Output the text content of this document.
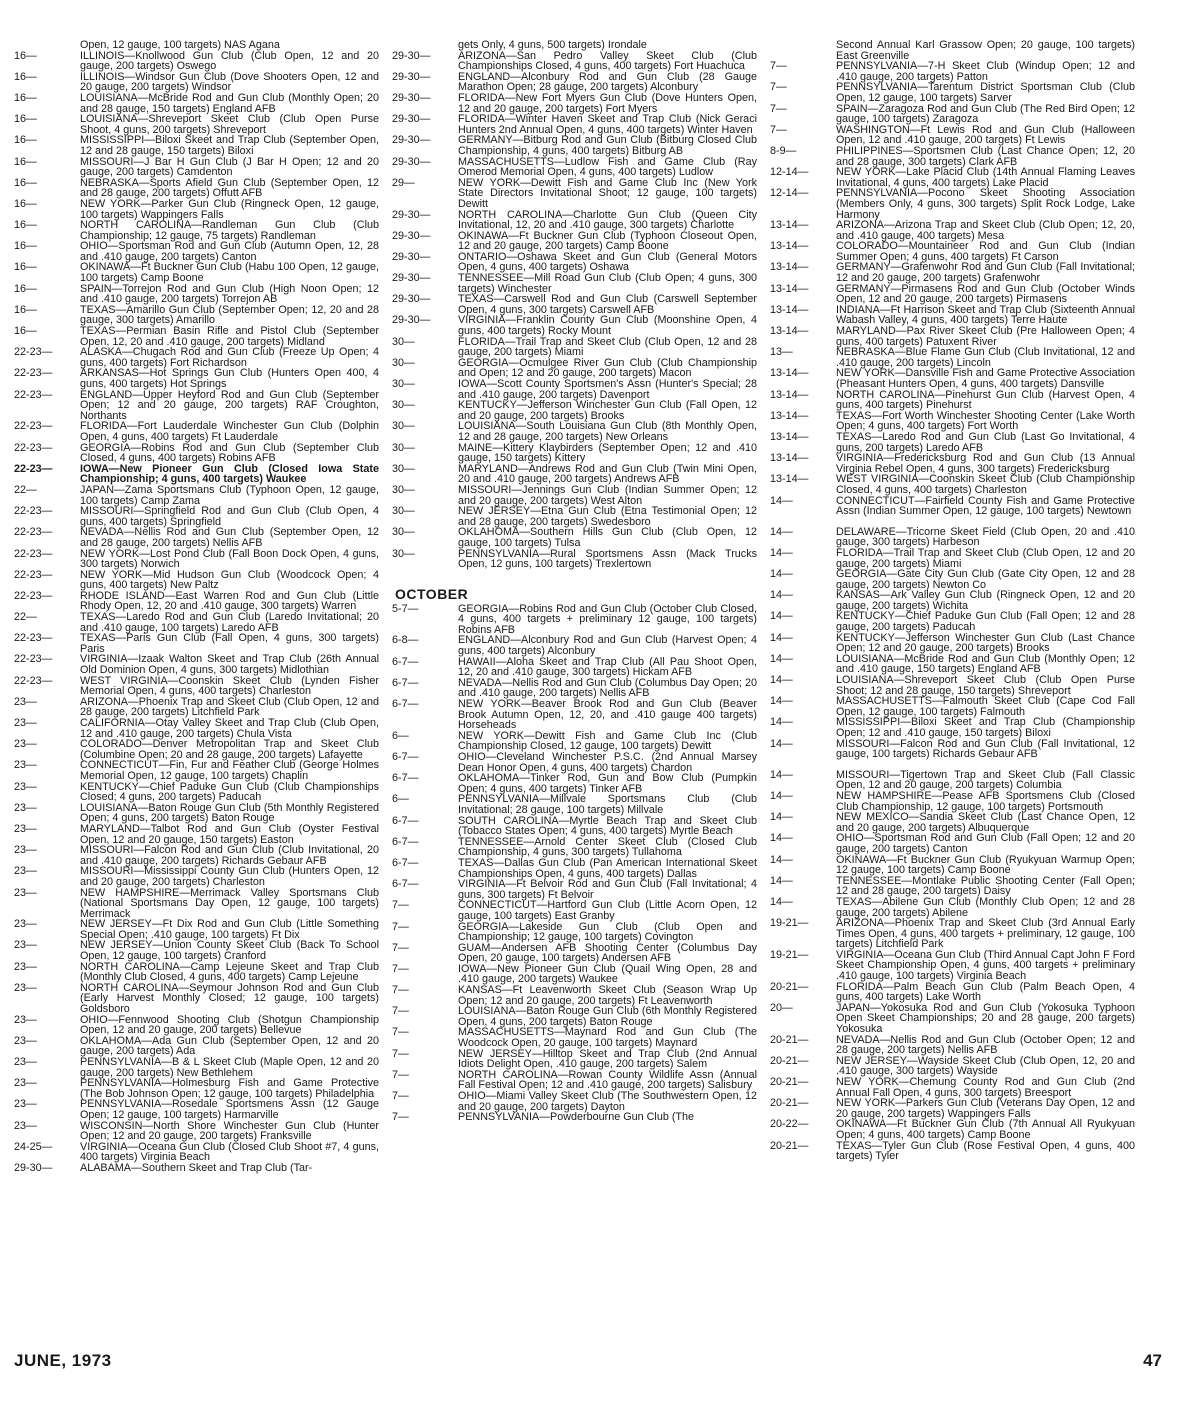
Open, 12 gauge, 100 targets) NAS Agana

16—	ILLINOIS—Knollwood Gun Club (Club Open, 12 and 20 gauge, 200 targets) Oswego

16—	ILLINOIS—Windsor Gun Club (Dove Shooters Open, 12 and 20 gauge, 200 targets) Windsor

16—	LOUISIANA—McBride Rod and Gun Club (Monthly Open; 20 and 28 gauge, 150 targets) England AFB

16—	LOUISIANA—Shreveport Skeet Club (Club Open Purse Shoot, 4 guns, 200 targets) Shreveport

16—	MISSISSIPPI—Biloxi Skeet and Trap Club (September Open, 12 and 28 gauge, 150 targets) Biloxi

16—	MISSOURI—J Bar H Gun Club (J Bar H Open; 12 and 20 gauge, 200 targets) Camdenton

16—	NEBRASKA—Sports Afield Gun Club (September Open, 12 and 28 gauge, 200 targets) Offutt AFB

16—	NEW YORK—Parker Gun Club (Ringneck Open, 12 gauge, 100 targets) Wappingers Falls

16—	NORTH CAROLINA—Randleman Gun Club (Club Championship; 12 gauge, 75 targets) Randleman

16—	OHIO—Sportsman Rod and Gun Club (Autumn Open, 12, 28 and .410 gauge, 200 targets) Canton

16—	OKINAWA—Ft Buckner Gun Club (Habu 100 Open, 12 gauge, 100 targets) Camp Boone

16—	SPAIN—Torrejon Rod and Gun Club (High Noon Open; 12 and .410 gauge, 200 targets) Torrejon AB

16—	TEXAS—Amarillo Gun Club (September Open; 12, 20 and 28 gauge, 300 targets) Amarillo

16—	TEXAS—Permian Basin Rifle and Pistol Club (September Open, 12, 20 and .410 gauge, 200 targets) Midland

22-23—	ALASKA—Chugach Rod and Gun Club (Freeze Up Open; 4 guns, 400 targets) Fort Richardson

22-23—	ARKANSAS—Hot Springs Gun Club (Hunters Open 400, 4 guns, 400 targets) Hot Springs

22-23—	ENGLAND—Upper Heyford Rod and Gun Club (September Open; 12 and 20 gauge, 200 targets) RAF Croughton, Northants

22-23—	FLORIDA—Fort Lauderdale Winchester Gun Club (Dolphin Open, 4 guns, 400 targets) Ft Lauderdale

22-23—	GEORGIA—Robins Rod and Gun Club (September Club Closed, 4 guns, 400 targets) Robins AFB

22-23—	IOWA—New Pioneer Gun Club (Closed Iowa State Championship; 4 guns, 400 targets) Waukee

22—	JAPAN—Zama Sportsmans Club (Typhoon Open, 12 gauge, 100 targets) Camp Zama

22-23—	MISSOURI—Springfield Rod and Gun Club (Club Open, 4 guns, 400 targets) Springfield

22-23—	NEVADA—Nellis Rod and Gun Club (September Open, 12 and 28 gauge, 200 targets) Nellis AFB

22-23—	NEW YORK—Lost Pond Club (Fall Boon Dock Open, 4 guns, 300 targets) Norwich

22-23—	NEW YORK—Mid Hudson Gun Club (Woodcock Open; 4 guns, 400 targets) New Paltz

22-23—	RHODE ISLAND—East Warren Rod and Gun Club (Little Rhody Open, 12, 20 and .410 gauge, 300 targets) Warren

22—	TEXAS—Laredo Rod and Gun Club (Laredo Invitational; 20 and .410 gauge, 100 targets) Laredo AFB

22-23—	TEXAS—Paris Gun Club (Fall Open, 4 guns, 300 targets) Paris

22-23—	VIRGINIA—Izaak Walton Skeet and Trap Club (26th Annual Old Dominion Open, 4 guns, 300 targets) Midlothian

22-23—	WEST VIRGINIA—Coonskin Skeet Club (Lynden Fisher Memorial Open, 4 guns, 400 targets) Charleston

23—	ARIZONA—Phoenix Trap and Skeet Club (Club Open, 12 and 28 gauge, 200 targets) Litchfield Park

23—	CALIFORNIA—Otay Valley Skeet and Trap Club (Club Open, 12 and .410 gauge, 200 targets) Chula Vista

23—	COLORADO—Denver Metropolitan Trap and Skeet Club (Columbine Open; 20 and 28 gauge, 200 targets) Lafayette

23—	CONNECTICUT—Fin, Fur and Feather Club (George Holmes Memorial Open, 12 gauge, 100 targets) Chaplin

23—	KENTUCKY—Chief Paduke Gun Club (Club Championships Closed; 4 guns, 200 targets) Paducah

23—	LOUISIANA—Baton Rouge Gun Club (5th Monthly Registered Open; 4 guns, 200 targets) Baton Rouge

23—	MARYLAND—Talbot Rod and Gun Club (Oyster Festival Open, 12 and 20 gauge, 150 targets) Easton

23—	MISSOURI—Falcon Rod and Gun Club (Club Invitational, 20 and .410 gauge, 200 targets) Richards Gebaur AFB

23—	MISSOURI—Mississippi County Gun Club (Hunters Open, 12 and 20 gauge, 200 targets) Charleston

23—	NEW HAMPSHIRE—Merrimack Valley Sportsmans Club (National Sportsmans Day Open, 12 gauge, 100 targets) Merrimack

23—	NEW JERSEY—Ft Dix Rod and Gun Club (Little Something Special Open; .410 gauge, 100 targets) Ft Dix

23—	NEW JERSEY—Union County Skeet Club (Back To School Open, 12 gauge, 100 targets) Cranford

23—	NORTH CAROLINA—Camp Lejeune Skeet and Trap Club (Monthly Club Closed, 4 guns, 400 targets) Camp Lejeune

23—	NORTH CAROLINA—Seymour Johnson Rod and Gun Club (Early Harvest Monthly Closed; 12 gauge, 100 targets) Goldsboro

23—	OHIO—Fennwood Shooting Club (Shotgun Championship Open, 12 and 20 gauge, 200 targets) Bellevue

23—	OKLAHOMA—Ada Gun Club (September Open, 12 and 20 gauge, 200 targets) Ada

23—	PENNSYLVANIA—B & L Skeet Club (Maple Open, 12 and 20 gauge, 200 targets) New Bethlehem

23—	PENNSYLVANIA—Holmesburg Fish and Game Protective (The Bob Johnson Open; 12 gauge, 100 targets) Philadelphia

23—	PENNSYLVANIA—Rosedale Sportsmens Assn (12 Gauge Open; 12 gauge, 100 targets) Harmarville

23—	WISCONSIN—North Shore Winchester Gun Club (Hunter Open; 12 and 20 gauge, 200 targets) Franksville

24-25—	VIRGINIA—Oceana Gun Club (Closed Club Shoot #7, 4 guns, 400 targets) Virginia Beach

29-30—	ALABAMA—Southern Skeet and Trap Club (Tar-

gets Only, 4 guns, 500 targets) Irondale

29-30—	ARIZONA—San Pedro Valley Skeet Club (Club Championships Closed, 4 guns, 400 targets) Fort Huachuca

29-30—	ENGLAND—Alconbury Rod and Gun Club (28 Gauge Marathon Open; 28 gauge, 200 targets) Alconbury

29-30—	FLORIDA—New Fort Myers Gun Club (Dove Hunters Open, 12 and 20 gauge, 200 targets) Fort Myers

29-30—	FLORIDA—Winter Haven Skeet and Trap Club (Nick Geraci Hunters 2nd Annual Open, 4 guns, 400 targets) Winter Haven

29-30—	GERMANY—Bitburg Rod and Gun Club (Bitburg Closed Club Championship, 4 guns, 400 targets) Bitburg AB

29-30—	MASSACHUSETTS—Ludlow Fish and Game Club (Ray Omerod Memorial Open, 4 guns, 400 targets) Ludlow

29—	NEW YORK—Dewitt Fish and Game Club Inc (New York State Directors Invitational Shoot; 12 gauge, 100 targets) Dewitt

29-30—	NORTH CAROLINA—Charlotte Gun Club (Queen City Invitational, 12, 20 and .410 gauge, 300 targets) Charlotte

29-30—	OKINAWA—Ft Buckner Gun Club (Typhoon Closeout Open, 12 and 20 gauge, 200 targets) Camp Boone

29-30—	ONTARIO—Oshawa Skeet and Gun Club (General Motors Open, 4 guns, 400 targets) Oshawa

29-30—	TENNESSEE—Mill Road Gun Club (Club Open; 4 guns, 300 targets) Winchester

29-30—	TEXAS—Carswell Rod and Gun Club (Carswell September Open, 4 guns, 300 targets) Carswell AFB

29-30—	VIRGINIA—Franklin County Gun Club (Moonshine Open, 4 guns, 400 targets) Rocky Mount

30—	FLORIDA—Trail Trap and Skeet Club (Club Open, 12 and 28 gauge, 200 targets) Miami

30—	GEORGIA—Ocmulgee River Gun Club (Club Championship and Open; 12 and 20 gauge, 200 targets) Macon

30—	IOWA—Scott County Sportsmen's Assn (Hunter's Special; 28 and .410 gauge, 200 targets) Davenport

30—	KENTUCKY—Jefferson Winchester Gun Club (Fall Open, 12 and 20 gauge, 200 targets) Brooks

30—	LOUISIANA—South Louisiana Gun Club (8th Monthly Open, 12 and 28 gauge, 200 targets) New Orleans

30—	MAINE—Kittery Klaybirders (September Open; 12 and .410 gauge, 150 targets) Kittery

30—	MARYLAND—Andrews Rod and Gun Club (Twin Mini Open, 20 and .410 gauge, 200 targets) Andrews AFB

30—	MISSOURI—Jennings Gun Club (Indian Summer Open; 12 and 20 gauge, 200 targets) West Alton

30—	NEW JERSEY—Etna Gun Club (Etna Testimonial Open; 12 and 28 gauge, 200 targets) Swedesboro

30—	OKLAHOMA—Southern Hills Gun Club (Club Open, 12 gauge, 100 targets) Tulsa

30—	PENNSYLVANIA—Rural Sportsmens Assn (Mack Trucks Open, 12 guns, 100 targets) Trexlertown

OCTOBER

5-7—	GEORGIA—Robins Rod and Gun Club (October Club Closed, 4 guns, 400 targets + preliminary 12 gauge, 100 targets) Robins AFB

6-8—	ENGLAND—Alconbury Rod and Gun Club (Harvest Open; 4 guns, 400 targets) Alconbury

6-7—	HAWAII—Aloha Skeet and Trap Club (All Pau Shoot Open, 12, 20 and .410 gauge, 300 targets) Hickam AFB

6-7—	NEVADA—Nellis Rod and Gun Club (Columbus Day Open; 20 and .410 gauge, 200 targets) Nellis AFB

6-7—	NEW YORK—Beaver Brook Rod and Gun Club (Beaver Brook Autumn Open, 12, 20, and .410 gauge 400 targets) Horseheads

6—	NEW YORK—Dewitt Fish and Game Club Inc (Club Championship Closed, 12 gauge, 100 targets) Dewitt

6-7—	OHIO—Cleveland Winchester P.S.C. (2nd Annual Marsey Dean Honor Open, 4 guns, 400 targets) Chardon

6-7—	OKLAHOMA—Tinker Rod, Gun and Bow Club (Pumpkin Open; 4 guns, 400 targets) Tinker AFB

6—	PENNSYLVANIA—Millvale Sportsmans Club (Club Invitational; 28 gauge, 100 targets) Millvale

6-7—	SOUTH CAROLINA—Myrtle Beach Trap and Skeet Club (Tobacco States Open; 4 guns, 400 targets) Myrtle Beach

6-7—	TENNESSEE—Arnold Center Skeet Club (Closed Club Championship, 4 guns, 300 targets) Tullahoma

6-7—	TEXAS—Dallas Gun Club (Pan American International Skeet Championships Open, 4 guns, 400 targets) Dallas

6-7—	VIRGINIA—Ft Belvoir Rod and Gun Club (Fall Invitational; 4 guns, 300 targets) Ft Belvoir

7—	CONNECTICUT—Hartford Gun Club (Little Acorn Open, 12 gauge, 100 targets) East Granby

7—	GEORGIA—Lakeside Gun Club (Club Open and Championship; 12 gauge, 100 targets) Covington

7—	GUAM—Andersen AFB Shooting Center (Columbus Day Open, 20 gauge, 100 targets) Andersen AFB

7—	IOWA—New Pioneer Gun Club (Quail Wing Open, 28 and .410 gauge, 200 targets) Waukee

7—	KANSAS—Ft Leavenworth Skeet Club (Season Wrap Up Open; 12 and 20 gauge, 200 targets) Ft Leavenworth

7—	LOUISIANA—Baton Rouge Gun Club (6th Monthly Registered Open, 4 guns, 200 targets) Baton Rouge

7—	MASSACHUSETTS—Maynard Rod and Gun Club (The Woodcock Open, 20 gauge, 100 targets) Maynard

7—	NEW JERSEY—Hilltop Skeet and Trap Club (2nd Annual Idiots Delight Open, .410 gauge, 200 targets) Salem

7—	NORTH CAROLINA—Rowan County Wildlife Assn (Annual Fall Festival Open; 12 and .410 gauge, 200 targets) Salisbury

7—	OHIO—Miami Valley Skeet Club (The Southwestern Open, 12 and 20 gauge, 200 targets) Dayton

7—	PENNSYLVANIA—Powderbourne Gun Club (The

Second Annual Karl Grassow Open; 20 gauge, 100 targets) East Greenville

7—	PENNSYLVANIA—7-H Skeet Club (Windup Open; 12 and .410 gauge, 200 targets) Patton

7—	PENNSYLVANIA—Tarentum District Sportsman Club (Club Open, 12 gauge, 100 targets) Sarver

7—	SPAIN—Zaragoza Rod and Gun Club (The Red Bird Open; 12 gauge, 100 targets) Zaragoza

7—	WASHINGTON—Ft Lewis Rod and Gun Club (Halloween Open, 12 and .410 gauge, 200 targets) Ft Lewis

8-9—	PHILIPPINES—Sportsmen Club (Last Chance Open; 12, 20 and 28 gauge, 300 targets) Clark AFB

12-14—	NEW YORK—Lake Placid Club (14th Annual Flaming Leaves Invitational, 4 guns, 400 targets) Lake Placid

12-14—	PENNSYLVANIA—Pocono Skeet Shooting Association (Members Only, 4 guns, 300 targets) Split Rock Lodge, Lake Harmony

13-14—	ARIZONA—Arizona Trap and Skeet Club (Club Open; 12, 20, and .410 gauge, 400 targets) Mesa

13-14—	COLORADO—Mountaineer Rod and Gun Club (Indian Summer Open; 4 guns, 400 targets) Ft Carson

13-14—	GERMANY—Grafenwohr Rod and Gun Club (Fall Invitational; 12 and 20 gauge, 200 targets) Grafenwohr

13-14—	GERMANY—Pirmasens Rod and Gun Club (October Winds Open, 12 and 20 gauge, 200 targets) Pirmasens

13-14—	INDIANA—Ft Harrison Skeet and Trap Club (Sixteenth Annual Wabash Valley, 4 guns, 400 targets) Terre Haute

13-14—	MARYLAND—Pax River Skeet Club (Pre Halloween Open; 4 guns, 400 targets) Patuxent River

13—	NEBRASKA—Blue Flame Gun Club (Club Invitational, 12 and .410 gauge, 200 targets) Lincoln

13-14—	NEW YORK—Dansville Fish and Game Protective Association (Pheasant Hunters Open, 4 guns, 400 targets) Dansville

13-14—	NORTH CAROLINA—Pinehurst Gun Club (Harvest Open, 4 guns, 400 targets) Pinehurst

13-14—	TEXAS—Fort Worth Winchester Shooting Center (Lake Worth Open; 4 guns, 400 targets) Fort Worth

13-14—	TEXAS—Laredo Rod and Gun Club (Last Go Invitational, 4 guns, 200 targets) Laredo AFB

13-14—	VIRGINIA—Fredericksburg Rod and Gun Club (13 Annual Virginia Rebel Open, 4 guns, 300 targets) Fredericksburg

13-14—	WEST VIRGINIA—Coonskin Skeet Club (Club Championship Closed, 4 guns, 400 targets) Charleston

14—	CONNECTICUT—Fairfield County Fish and Game Protective Assn (Indian Summer Open, 12 gauge, 100 targets) Newtown

14—	DELAWARE—Tricorne Skeet Field (Club Open, 20 and .410 gauge, 300 targets) Harbeson

14—	FLORIDA—Trail Trap and Skeet Club (Club Open, 12 and 20 gauge, 200 targets) Miami

14—	GEORGIA—Gate City Gun Club (Gate City Open, 12 and 28 gauge, 200 targets) Newton Co

14—	KANSAS—Ark Valley Gun Club (Ringneck Open, 12 and 20 gauge, 200 targets) Wichita

14—	KENTUCKY—Chief Paduke Gun Club (Fall Open; 12 and 28 gauge, 200 targets) Paducah

14—	KENTUCKY—Jefferson Winchester Gun Club (Last Chance Open; 12 and 20 gauge, 200 targets) Brooks

14—	LOUISIANA—McBride Rod and Gun Club (Monthly Open; 12 and .410 gauge, 150 targets) England AFB

14—	LOUISIANA—Shreveport Skeet Club (Club Open Purse Shoot; 12 and 28 gauge, 150 targets) Shreveport

14—	MASSACHUSETTS—Falmouth Skeet Club (Cape Cod Fall Open, 12 gauge, 100 targets) Falmouth

14—	MISSISSIPPI—Biloxi Skeet and Trap Club (Championship Open; 12 and .410 gauge, 150 targets) Biloxi

14—	MISSOURI—Falcon Rod and Gun Club (Fall Invitational, 12 gauge, 100 targets) Richards Gebaur AFB

14—	MISSOURI—Tigertown Trap and Skeet Club (Fall Classic Open, 12 and 20 gauge, 200 targets) Columbia

14—	NEW HAMPSHIRE—Pease AFB Sportsmens Club (Closed Club Championship, 12 gauge, 100 targets) Portsmouth

14—	NEW MEXICO—Sandia Skeet Club (Last Chance Open, 12 and 20 gauge, 200 targets) Albuquerque

14—	OHIO—Sportsman Rod and Gun Club (Fall Open; 12 and 20 gauge, 200 targets) Canton

14—	OKINAWA—Ft Buckner Gun Club (Ryukyuan Warmup Open; 12 gauge, 100 targets) Camp Boone

14—	TENNESSEE—Montlake Public Shooting Center (Fall Open; 12 and 28 gauge, 200 targets) Daisy

14—	TEXAS—Abilene Gun Club (Monthly Club Open; 12 and 28 gauge, 200 targets) Abilene

19-21—	ARIZONA—Phoenix Trap and Skeet Club (3rd Annual Early Times Open, 4 guns, 400 targets + preliminary, 12 gauge, 100 targets) Litchfield Park

19-21—	VIRGINIA—Oceana Gun Club (Third Annual Capt John F Ford Skeet Championship Open, 4 guns, 400 targets + preliminary .410 gauge, 100 targets) Virginia Beach

20-21—	FLORIDA—Palm Beach Gun Club (Palm Beach Open, 4 guns, 400 targets) Lake Worth

20—	JAPAN—Yokosuka Rod and Gun Club (Yokosuka Typhoon Open Skeet Championships; 20 and 28 gauge, 200 targets) Yokosuka

20-21—	NEVADA—Nellis Rod and Gun Club (October Open; 12 and 28 gauge, 200 targets) Nellis AFB

20-21—	NEW JERSEY—Wayside Skeet Club (Club Open, 12, 20 and .410 gauge, 300 targets) Wayside

20-21—	NEW YORK—Chemung County Rod and Gun Club (2nd Annual Fall Open, 4 guns, 300 targets) Breesport

20-21—	NEW YORK—Parkers Gun Club (Veterans Day Open, 12 and 20 gauge, 200 targets) Wappingers Falls

20-22—	OKINAWA—Ft Buckner Gun Club (7th Annual All Ryukyuan Open; 4 guns, 400 targets) Camp Boone

20-21—	TEXAS—Tyler Gun Club (Rose Festival Open, 4 guns, 400 targets) Tyler

JUNE, 1973	47
